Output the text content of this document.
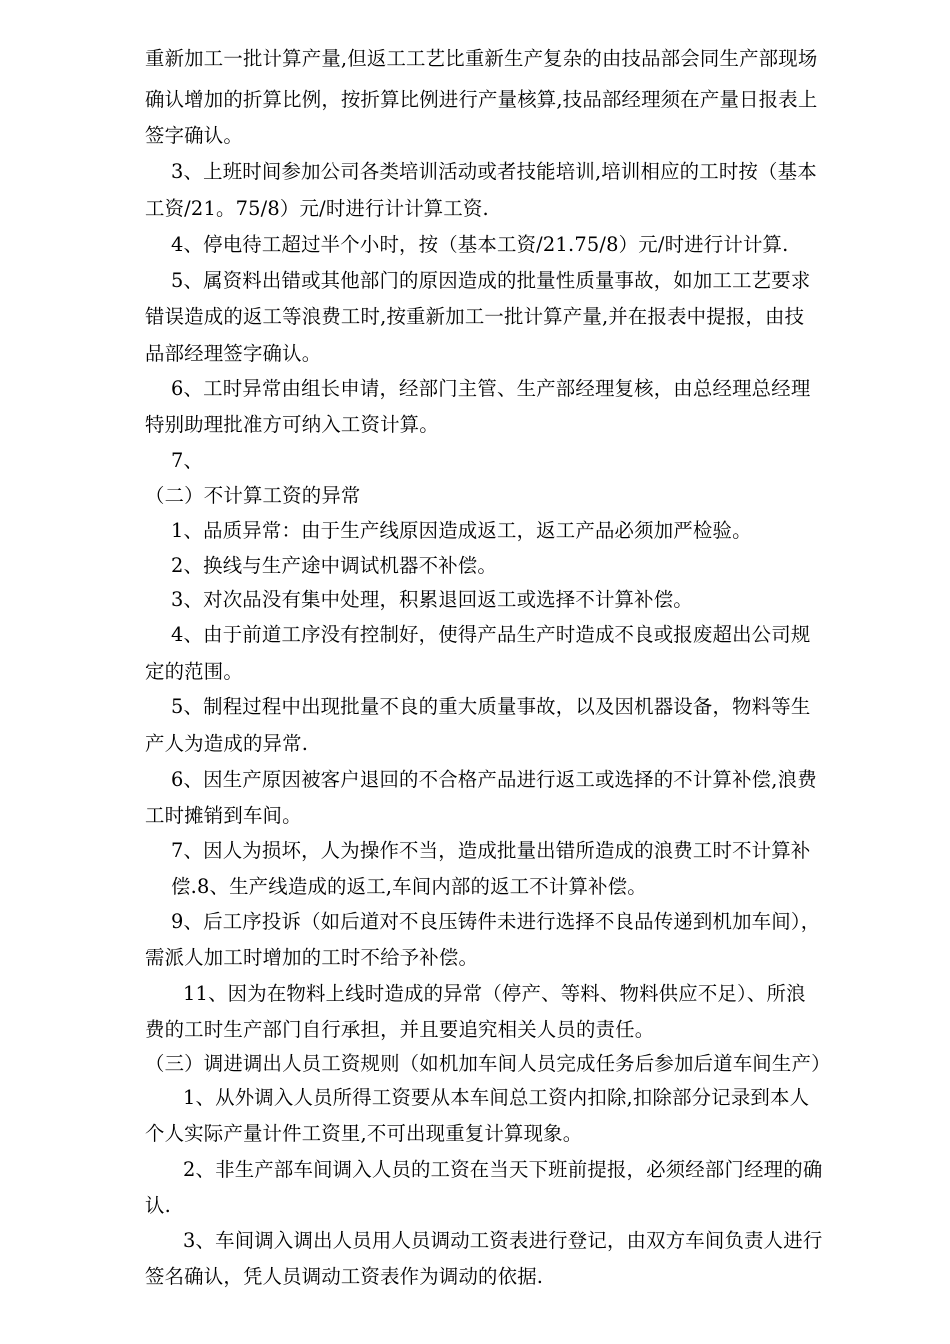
重新加工一批计算产量,但返工工艺比重新生产复杂的由技品部会同生产部现场
确认增加的折算比例，按折算比例进行产量核算,技品部经理须在产量日报表上
签字确认。
3、上班时间参加公司各类培训活动或者技能培训,培训相应的工时按（基本
工资/21。75/8）元/时进行计计算工资.
4、停电待工超过半个小时，按（基本工资/21.75/8）元/时进行计计算.
5、属资料出错或其他部门的原因造成的批量性质量事故，如加工工艺要求
错误造成的返工等浪费工时,按重新加工一批计算产量,并在报表中提报，由技
品部经理签字确认。
6、工时异常由组长申请，经部门主管、生产部经理复核，由总经理总经理
特别助理批准方可纳入工资计算。
7、
（二）不计算工资的异常
1、品质异常：由于生产线原因造成返工，返工产品必须加严检验。
2、换线与生产途中调试机器不补偿。
3、对次品没有集中处理，积累退回返工或选择不计算补偿。
4、由于前道工序没有控制好，使得产品生产时造成不良或报废超出公司规
定的范围。
5、制程过程中出现批量不良的重大质量事故，以及因机器设备，物料等生
产人为造成的异常.
6、因生产原因被客户退回的不合格产品进行返工或选择的不计算补偿,浪费
工时摊销到车间。
7、因人为损坏，人为操作不当，造成批量出错所造成的浪费工时不计算补
偿.8、生产线造成的返工,车间内部的返工不计算补偿。
9、后工序投诉（如后道对不良压铸件未进行选择不良品传递到机加车间），
需派人加工时增加的工时不给予补偿。
11、因为在物料上线时造成的异常（停产、等料、物料供应不足）、所浪
费的工时生产部门自行承担，并且要追究相关人员的责任。
（三）调进调出人员工资规则（如机加车间人员完成任务后参加后道车间生产）
1、从外调入人员所得工资要从本车间总工资内扣除,扣除部分记录到本人
个人实际产量计件工资里,不可出现重复计算现象。
2、非生产部车间调入人员的工资在当天下班前提报，必须经部门经理的确
认.
3、车间调入调出人员用人员调动工资表进行登记，由双方车间负责人进行
签名确认，凭人员调动工资表作为调动的依据.
